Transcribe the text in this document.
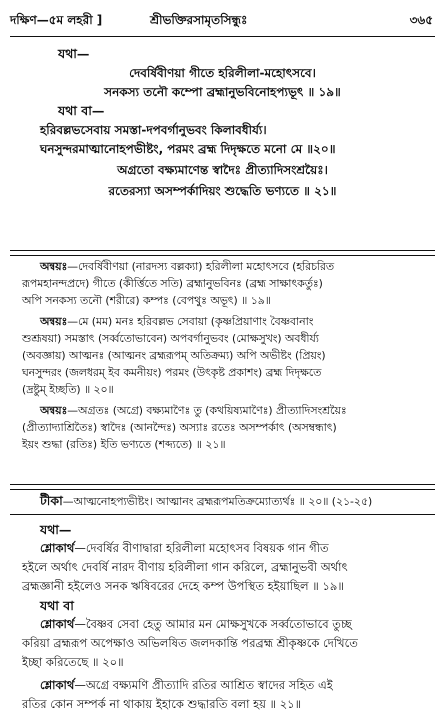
দক্ষিণ—৫ম লহরী ]	শ্রীভক্তিরসামৃতসিন্ধুঃ	৩৬৫
যথা—
দেবর্ষিবীণয়া গীতে হরিলীলা-মহোৎসবে।
সনকস্য তনৌ কম্পো ব্রহ্মানুভবিনোহপ্যভূৎ ॥ ১৯॥
যথা বা—
হরিবল্লভসেবায় সমস্তা-দপবর্গানুভবং কিলাবধীর্য্য।
ঘনসুন্দরমাত্মানোহপভীষ্টং, পরমং ব্রহ্ম দিদৃক্ষতে মনো মে ॥২০॥
অগ্রতো বক্ষ্যমাণেন্ত স্বাদৈঃ প্রীত্যাদিসংশ্রয়ৈঃ।
রতেরস্যা অসম্পর্কাদিয়ং শুদ্ধেতি ভণ্যতে ॥ ২১॥
অন্বয়ঃ—দেবর্ষিবীণয়া (নারদস্য বল্লক্যা) হরিলীলা মহোৎসবে (হরিচরিত
রূপমহানন্দপ্রদে) গীতে (কীর্ত্তিতে সতি) ব্রহ্মানুভবিনঃ (ব্রহ্ম সাক্ষাৎকর্তুঃ)
অপি সনকস্য তনৌ (শরীরে) কম্পঃ (বেপথুঃ অভূৎ) ॥ ১৯॥
অন্বয়ঃ—মে (মম) মনঃ হরিবল্লভ সেবায়া (কৃষ্ণপ্রিয়াণাং বৈষ্ণবানাং
শুশ্রূষয়া) সমস্তাৎ (সর্ব্বতোভাবেন) অপবর্গানুভবং (মোক্ষসুখং) অবধীর্য্য
(অবজ্ঞায়) আত্মনঃ (আত্মনং ব্রহ্মরূপম্ অতিক্রম্য) অপি অভীষ্টং (প্রিয়ং)
ঘনসুন্দরং (জলধরম্ ইব কমনীয়ং) পরমং (উৎকৃষ্ট প্রকাশং) ব্রহ্ম দিদৃক্ষতে
(দ্রষ্টুম্ ইচ্ছতি) ॥ ২০॥
অন্বয়ঃ—অগ্রতঃ (অগ্রে) বক্ষ্যমাণৈঃ তু (কথয়িষ্যমাণৈঃ) প্রীত্যাদিসংশ্রয়ৈঃ
(প্রীত্যাদ্যাশ্রিতৈঃ) স্বাদৈঃ (আনন্দৈঃ) অস্যাঃ রতেঃ অসম্পর্কাৎ (অসম্বন্ধাৎ)
ইয়ং শুদ্ধা (রতিঃ) ইতি ভণ্যতে (শব্দ্যতে) ॥ ২১॥
টীকা—আত্মনোহপ্যভীষ্টং। আত্মানং ব্রহ্মরূপমতিক্রম্যোত্যর্থঃ ॥ ২০॥ (২১-২৫)
যথা—
শ্লোকার্থ—দেবর্ষির বীণাদ্বারা হরিলীলা মহোৎসব বিষয়ক গান গীত
হইলে অর্থাৎ দেবর্ষি নারদ বীণায় হরিলীলা গান করিলে, ব্রহ্মানুভবী অর্থাৎ
ব্রহ্মজ্ঞানী হইলেও সনক ঋষিবরের দেহে কম্প উপস্থিত হইয়াছিল ॥ ১৯॥
যথা বা
শ্লোকার্থ—বৈষ্ণব সেবা হেতু আমার মন মোক্ষসুখকে সর্ব্বতোভাবে তুচ্ছ
করিয়া ব্রহ্মরূপ অপেক্ষাও অভিলষিত জলদকান্তি পরব্রহ্ম শ্রীকৃষ্ণকে দেখিতে
ইচ্ছা করিতেছে ॥ ২০॥
শ্লোকার্থ—অগ্রে বক্ষ্যমণি প্রীত্যাদি রতির আশ্রিত স্বাদের সহিত এই
রতির কোন সম্পর্ক না থাকায় ইহাকে শুদ্ধারতি বলা হয় ॥ ২১॥
